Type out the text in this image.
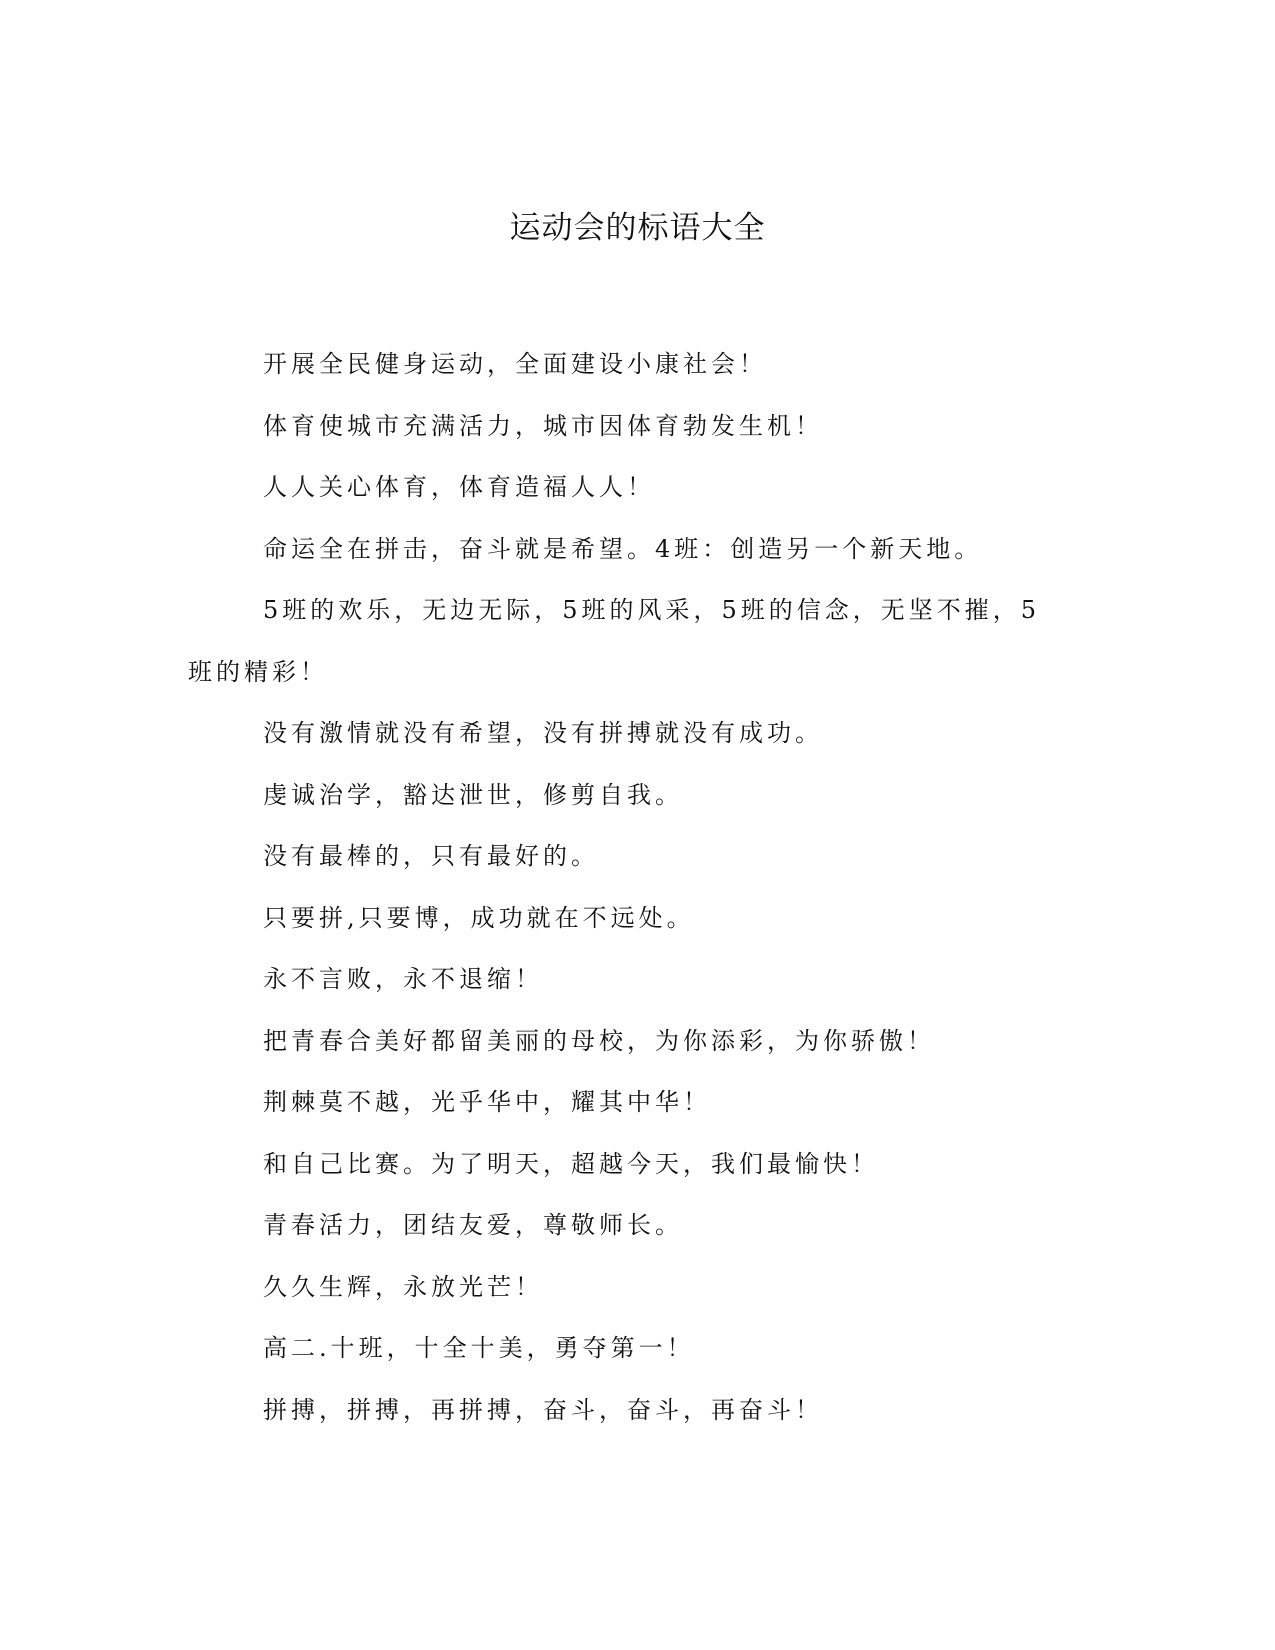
运动会的标语大全

开展全民健身运动，全面建设小康社会！

体育使城市充满活力，城市因体育勃发生机！

人人关心体育，体育造福人人！

命运全在拼击，奋斗就是希望。4班：创造另一个新天地。

5班的欢乐，无边无际，5班的风采，5班的信念，无坚不摧，5班的精彩！

没有激情就没有希望，没有拼搏就没有成功。

虔诚治学，豁达泄世，修剪自我。

没有最棒的，只有最好的。

只要拼,只要博，成功就在不远处。

永不言败，永不退缩！

把青春合美好都留美丽的母校，为你添彩，为你骄傲！

荆棘莫不越，光乎华中，耀其中华！

和自己比赛。为了明天，超越今天，我们最愉快！

青春活力，团结友爱，尊敬师长。

久久生辉，永放光芒！

高二.十班，十全十美，勇夺第一！

拼搏，拼搏，再拼搏，奋斗，奋斗，再奋斗！
